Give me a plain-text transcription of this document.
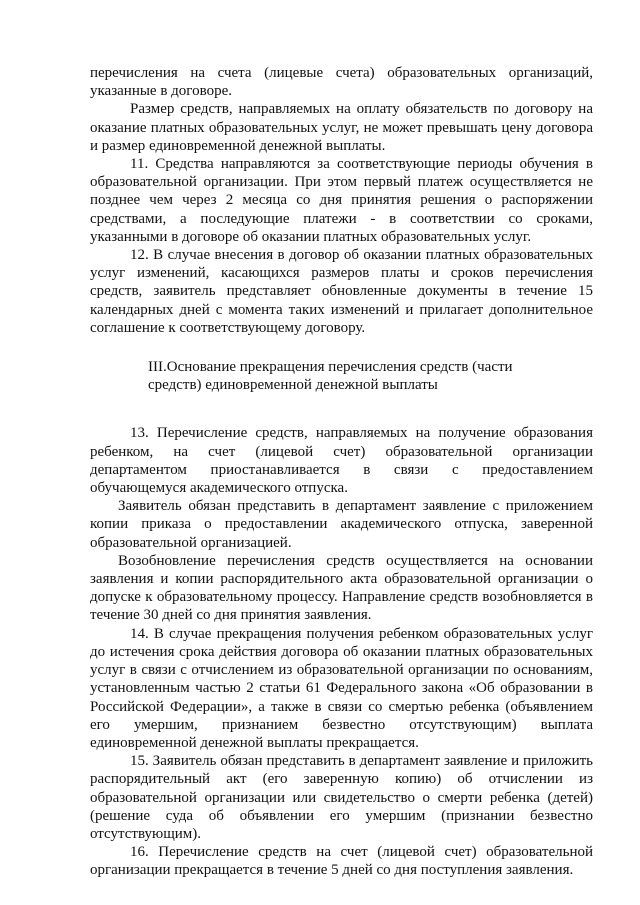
перечисления на счета (лицевые счета) образовательных организаций, указанные в договоре.

Размер средств, направляемых на оплату обязательств по договору на оказание платных образовательных услуг, не может превышать цену договора и размер единовременной денежной выплаты.

11. Средства направляются за соответствующие периоды обучения в образовательной организации. При этом первый платеж осуществляется не позднее чем через 2 месяца со дня принятия решения о распоряжении средствами, а последующие платежи - в соответствии со сроками, указанными в договоре об оказании платных образовательных услуг.

12. В случае внесения в договор об оказании платных образовательных услуг изменений, касающихся размеров платы и сроков перечисления средств, заявитель представляет обновленные документы в течение 15 календарных дней с момента таких изменений и прилагает дополнительное соглашение к соответствующему договору.

III.Основание прекращения перечисления средств (части средств) единовременной денежной выплаты

13. Перечисление средств, направляемых на получение образования ребенком, на счет (лицевой счет) образовательной организации департаментом приостанавливается в связи с предоставлением обучающемуся академического отпуска.

Заявитель обязан представить в департамент заявление с приложением копии приказа о предоставлении академического отпуска, заверенной образовательной организацией.

Возобновление перечисления средств осуществляется на основании заявления и копии распорядительного акта образовательной организации о допуске к образовательному процессу. Направление средств возобновляется в течение 30 дней со дня принятия заявления.

14. В случае прекращения получения ребенком образовательных услуг до истечения срока действия договора об оказании платных образовательных услуг в связи с отчислением из образовательной организации по основаниям, установленным частью 2 статьи 61 Федерального закона «Об образовании в Российской Федерации», а также в связи со смертью ребенка (объявлением его умершим, признанием безвестно отсутствующим) выплата единовременной денежной выплаты прекращается.

15. Заявитель обязан представить в департамент заявление и приложить распорядительный акт (его заверенную копию) об отчислении из образовательной организации или свидетельство о смерти ребенка (детей) (решение суда об объявлении его умершим (признании безвестно отсутствующим).

16. Перечисление средств на счет (лицевой счет) образовательной организации прекращается в течение 5 дней со дня поступления заявления.
